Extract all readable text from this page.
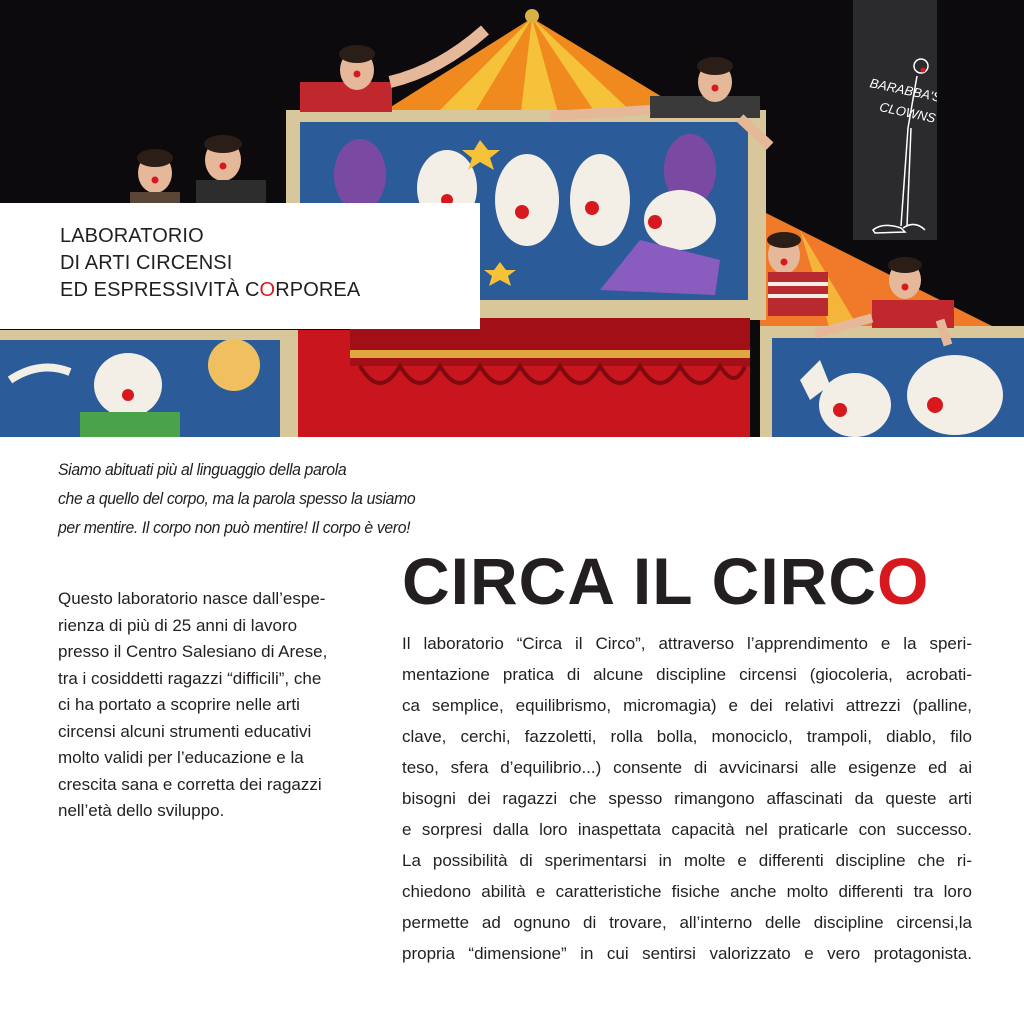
BARABBA'S
CLOWNS
LABORATORIO
DI ARTI CIRCENSI
ED ESPRESSIVITÀ CORPOREA
Siamo abituati più al linguaggio della parola
che a quello del corpo, ma la parola spesso la usiamo
per mentire. Il corpo non può mentire! Il corpo è vero!
CIRCA IL CIRCO
Questo laboratorio nasce dall’espe-
rienza di più di 25 anni di lavoro
presso il Centro Salesiano di Arese,
tra i cosiddetti ragazzi “difficili”, che
ci ha portato a scoprire nelle arti
circensi alcuni strumenti educativi
molto validi per l’educazione e la
crescita sana e corretta dei ragazzi
nell’età dello sviluppo.
Il laboratorio “Circa il Circo”, attraverso l’apprendimento e la speri-
mentazione pratica di alcune discipline circensi (giocoleria, acrobati-
ca semplice, equilibrismo, micromagia) e dei relativi attrezzi (palline,
clave, cerchi, fazzoletti, rolla bolla, monociclo, trampoli, diablo, filo
teso, sfera d’equilibrio...) consente di avvicinarsi alle esigenze ed ai
bisogni dei ragazzi che spesso rimangono affascinati da queste arti
e sorpresi dalla loro inaspettata capacità nel praticarle con successo.
La possibilità di sperimentarsi in molte e differenti discipline che ri-
chiedono abilità e caratteristiche fisiche anche molto differenti tra loro
permette ad ognuno di trovare, all’interno delle discipline circensi,la
propria “dimensione” in cui sentirsi valorizzato e vero protagonista.
